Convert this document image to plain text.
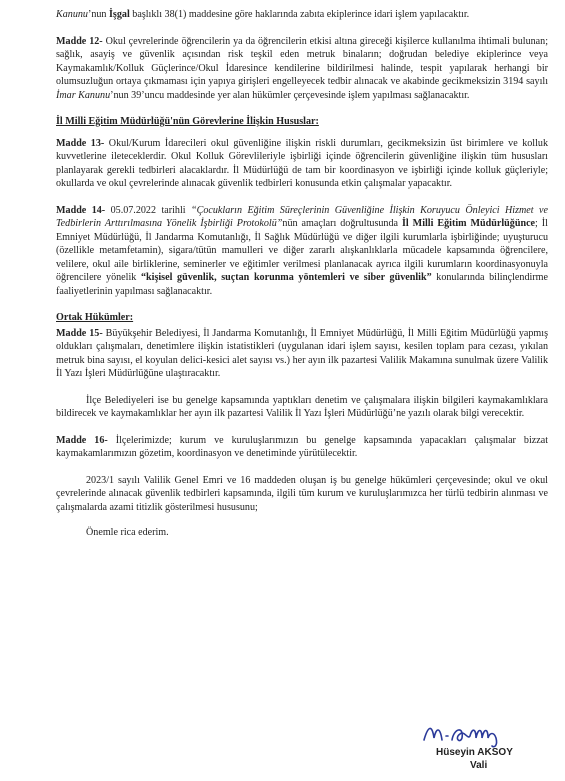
Kanunu’nun İşgal başlıklı 38(1) maddesine göre haklarında zabıta ekiplerince idari işlem yapılacaktır.

Madde 12- Okul çevrelerinde öğrencilerin ya da öğrencilerin etkisi altına gireceği kişilerce kullanılma ihtimali bulunan; sağlık, asayiş ve güvenlik açısından risk teşkil eden metruk binaların; doğrudan belediye ekiplerince veya Kaymakamlık/Kolluk Güçlerince/Okul İdaresince kendilerine bildirilmesi halinde, tespit yapılarak herhangi bir olumsuzluğun ortaya çıkmaması için yapıya girişleri engelleyecek tedbir alınacak ve akabinde gecikmeksizin 3194 sayılı İmar Kanunu’nun 39’uncu maddesinde yer alan hükümler çerçevesinde işlem yapılması sağlanacaktır.

İl Milli Eğitim Müdürlüğü'nün Görevlerine İlişkin Hususlar:

Madde 13- Okul/Kurum İdarecileri okul güvenliğine ilişkin riskli durumları, gecikmeksizin üst birimlere ve kolluk kuvvetlerine ileteceklerdir. Okul Kolluk Görevlileriyle işbirliği içinde öğrencilerin güvenliğine ilişkin tüm hususları planlayarak gerekli tedbirleri alacaklardır. İl Müdürlüğü de tam bir koordinasyon ve işbirliği içinde kolluk güçleriyle; okullarda ve okul çevrelerinde alınacak güvenlik tedbirleri konusunda etkin çalışmalar yapacaktır.

Madde 14- 05.07.2022 tarihli “Çocukların Eğitim Süreçlerinin Güvenliğine İlişkin Koruyucu Önleyici Hizmet ve Tedbirlerin Arttırılmasına Yönelik İşbirliği Protokolü”nün amaçları doğrultusunda İl Milli Eğitim Müdürlüğünce; İl Emniyet Müdürlüğü, İl Jandarma Komutanlığı, İl Sağlık Müdürlüğü ve diğer ilgili kurumlarla işbirliğinde; uyuşturucu (özellikle metamfetamin), sigara/tütün mamulleri ve diğer zararlı alışkanlıklarla mücadele kapsamında öğrencilere, velilere, okul aile birliklerine, seminerler ve eğitimler verilmesi planlanacak ayrıca ilgili kurumların koordinasyonuyla öğrencilere yönelik “kişisel güvenlik, suçtan korunma yöntemleri ve siber güvenlik” konularında bilinçlendirme faaliyetlerinin yapılması sağlanacaktır.

Ortak Hükümler:

Madde 15- Büyükşehir Belediyesi, İl Jandarma Komutanlığı, İl Emniyet Müdürlüğü, İl Milli Eğitim Müdürlüğü yapmış oldukları çalışmaları, denetimlere ilişkin istatistikleri (uygulanan idari işlem sayısı, kesilen toplam para cezası, yıkılan metruk bina sayısı, el koyulan delici-kesici alet sayısı vs.) her ayın ilk pazartesi Valilik Makamına sunulmak üzere Valilik İl Yazı İşleri Müdürlüğüne ulaştıracaktır.

İlçe Belediyeleri ise bu genelge kapsamında yaptıkları denetim ve çalışmalara ilişkin bilgileri kaymakamlıklara bildirecek ve kaymakamlıklar her ayın ilk pazartesi Valilik İl Yazı İşleri Müdürlüğü’ne yazılı olarak bilgi verecektir.

Madde 16- İlçelerimizde; kurum ve kuruluşlarımızın bu genelge kapsamında yapacakları çalışmalar bizzat kaymakamlarımızın gözetim, koordinasyon ve denetiminde yürütülecektir.

2023/1 sayılı Valilik Genel Emri ve 16 maddeden oluşan iş bu genelge hükümleri çerçevesinde; okul ve okul çevrelerinde alınacak güvenlik tedbirleri kapsamında, ilgili tüm kurum ve kuruluşlarımızca her türlü tedbirin alınması ve çalışmalarda azami titizlik gösterilmesi hususunu;

Önemle rica ederim.

Hüseyin AKSOY
Vali
